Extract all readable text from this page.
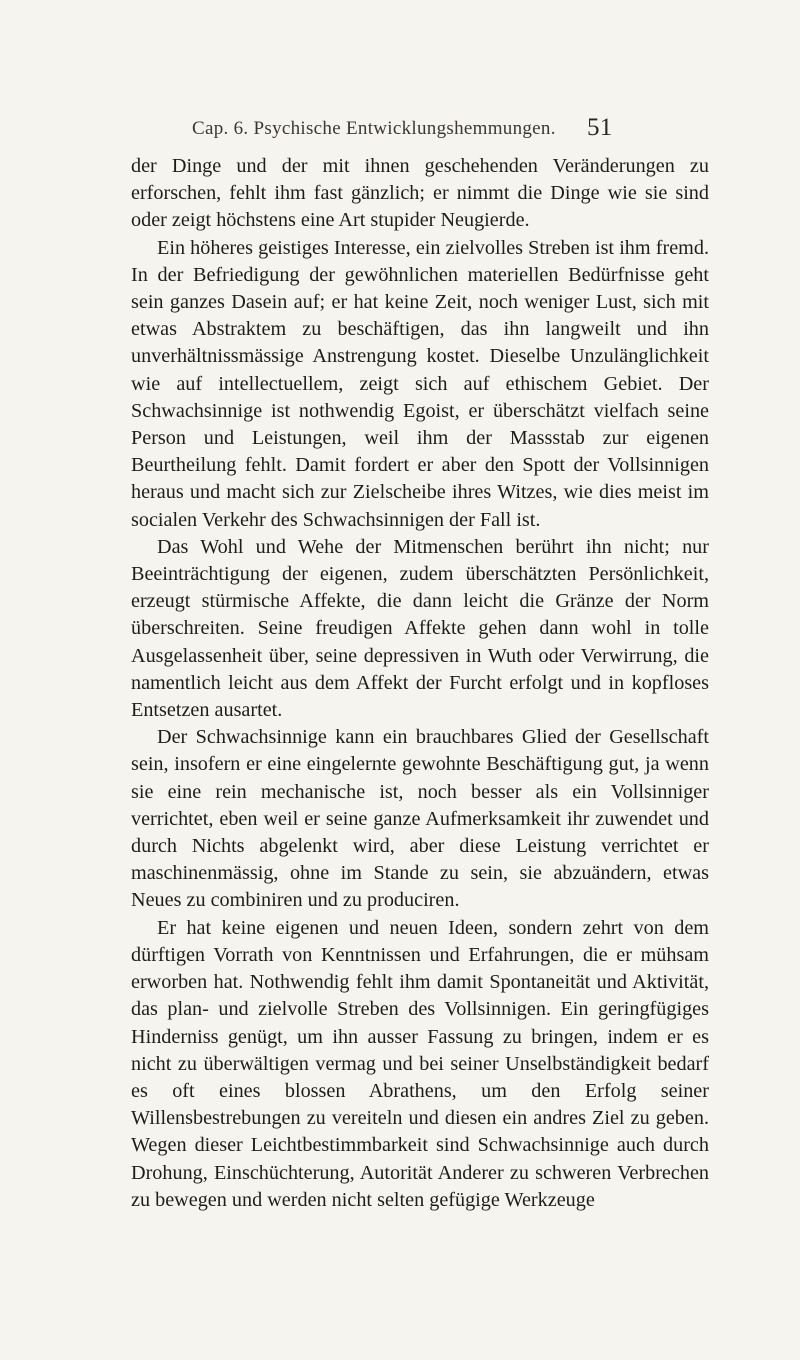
Cap. 6. Psychische Entwicklungshemmungen. 51

der Dinge und der mit ihnen geschehenden Veränderungen zu erforschen, fehlt ihm fast gänzlich; er nimmt die Dinge wie sie sind oder zeigt höchstens eine Art stupider Neugierde.

Ein höheres geistiges Interesse, ein zielvolles Streben ist ihm fremd. In der Befriedigung der gewöhnlichen materiellen Bedürfnisse geht sein ganzes Dasein auf; er hat keine Zeit, noch weniger Lust, sich mit etwas Abstraktem zu beschäftigen, das ihn langweilt und ihn unverhältnissmässige Anstrengung kostet. Dieselbe Unzulänglichkeit wie auf intellectuellem, zeigt sich auf ethischem Gebiet. Der Schwachsinnige ist nothwendig Egoist, er überschätzt vielfach seine Person und Leistungen, weil ihm der Massstab zur eigenen Beurtheilung fehlt. Damit fordert er aber den Spott der Vollsinnigen heraus und macht sich zur Zielscheibe ihres Witzes, wie dies meist im socialen Verkehr des Schwachsinnigen der Fall ist.

Das Wohl und Wehe der Mitmenschen berührt ihn nicht; nur Beeinträchtigung der eigenen, zudem überschätzten Persönlichkeit, erzeugt stürmische Affekte, die dann leicht die Gränze der Norm überschreiten. Seine freudigen Affekte gehen dann wohl in tolle Ausgelassenheit über, seine depressiven in Wuth oder Verwirrung, die namentlich leicht aus dem Affekt der Furcht erfolgt und in kopfloses Entsetzen ausartet.

Der Schwachsinnige kann ein brauchbares Glied der Gesellschaft sein, insofern er eine eingelernte gewohnte Beschäftigung gut, ja wenn sie eine rein mechanische ist, noch besser als ein Vollsinniger verrichtet, eben weil er seine ganze Aufmerksamkeit ihr zuwendet und durch Nichts abgelenkt wird, aber diese Leistung verrichtet er maschinenmässig, ohne im Stande zu sein, sie abzuändern, etwas Neues zu combiniren und zu produciren.

Er hat keine eigenen und neuen Ideen, sondern zehrt von dem dürftigen Vorrath von Kenntnissen und Erfahrungen, die er mühsam erworben hat. Nothwendig fehlt ihm damit Spontaneität und Aktivität, das plan- und zielvolle Streben des Vollsinnigen. Ein geringfügiges Hinderniss genügt, um ihn ausser Fassung zu bringen, indem er es nicht zu überwältigen vermag und bei seiner Unselbständigkeit bedarf es oft eines blossen Abrathens, um den Erfolg seiner Willensbestrebungen zu vereiteln und diesen ein andres Ziel zu geben. Wegen dieser Leichtbestimmbarkeit sind Schwachsinnige auch durch Drohung, Einschüchterung, Autorität Anderer zu schweren Verbrechen zu bewegen und werden nicht selten gefügige Werkzeuge
